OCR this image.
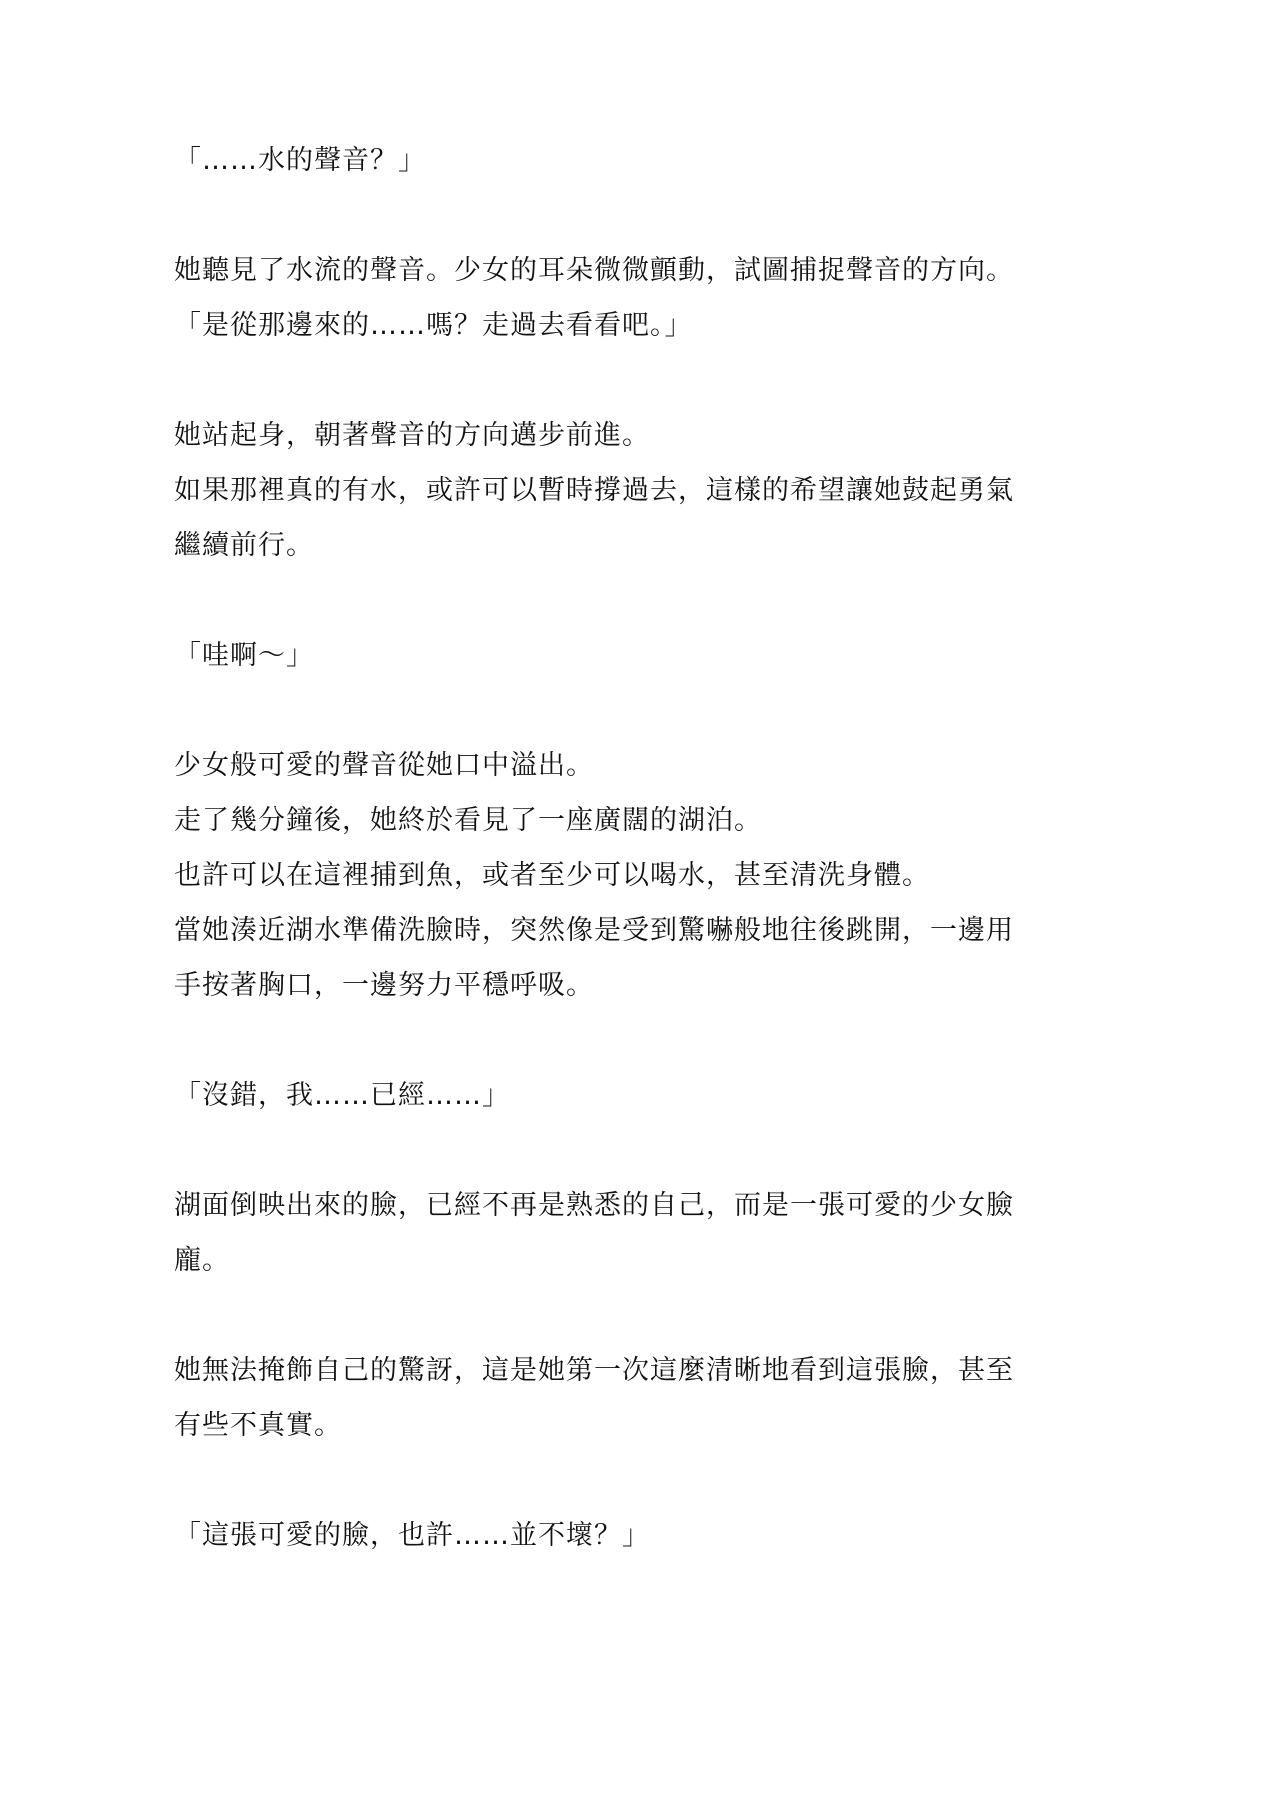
「……水的聲音？」
她聽見了水流的聲音。少女的耳朵微微顫動，試圖捕捉聲音的方向。
「是從那邊來的……嗎？走過去看看吧。」
她站起身，朝著聲音的方向邁步前進。
如果那裡真的有水，或許可以暫時撐過去，這樣的希望讓她鼓起勇氣
繼續前行。
「哇啊～」
少女般可愛的聲音從她口中溢出。
走了幾分鐘後，她終於看見了一座廣闊的湖泊。
也許可以在這裡捕到魚，或者至少可以喝水，甚至清洗身體。
當她湊近湖水準備洗臉時，突然像是受到驚嚇般地往後跳開，一邊用
手按著胸口，一邊努力平穩呼吸。
「沒錯，我……已經……」
湖面倒映出來的臉，已經不再是熟悉的自己，而是一張可愛的少女臉
龐。
她無法掩飾自己的驚訝，這是她第一次這麼清晰地看到這張臉，甚至
有些不真實。
「這張可愛的臉，也許……並不壞？」
